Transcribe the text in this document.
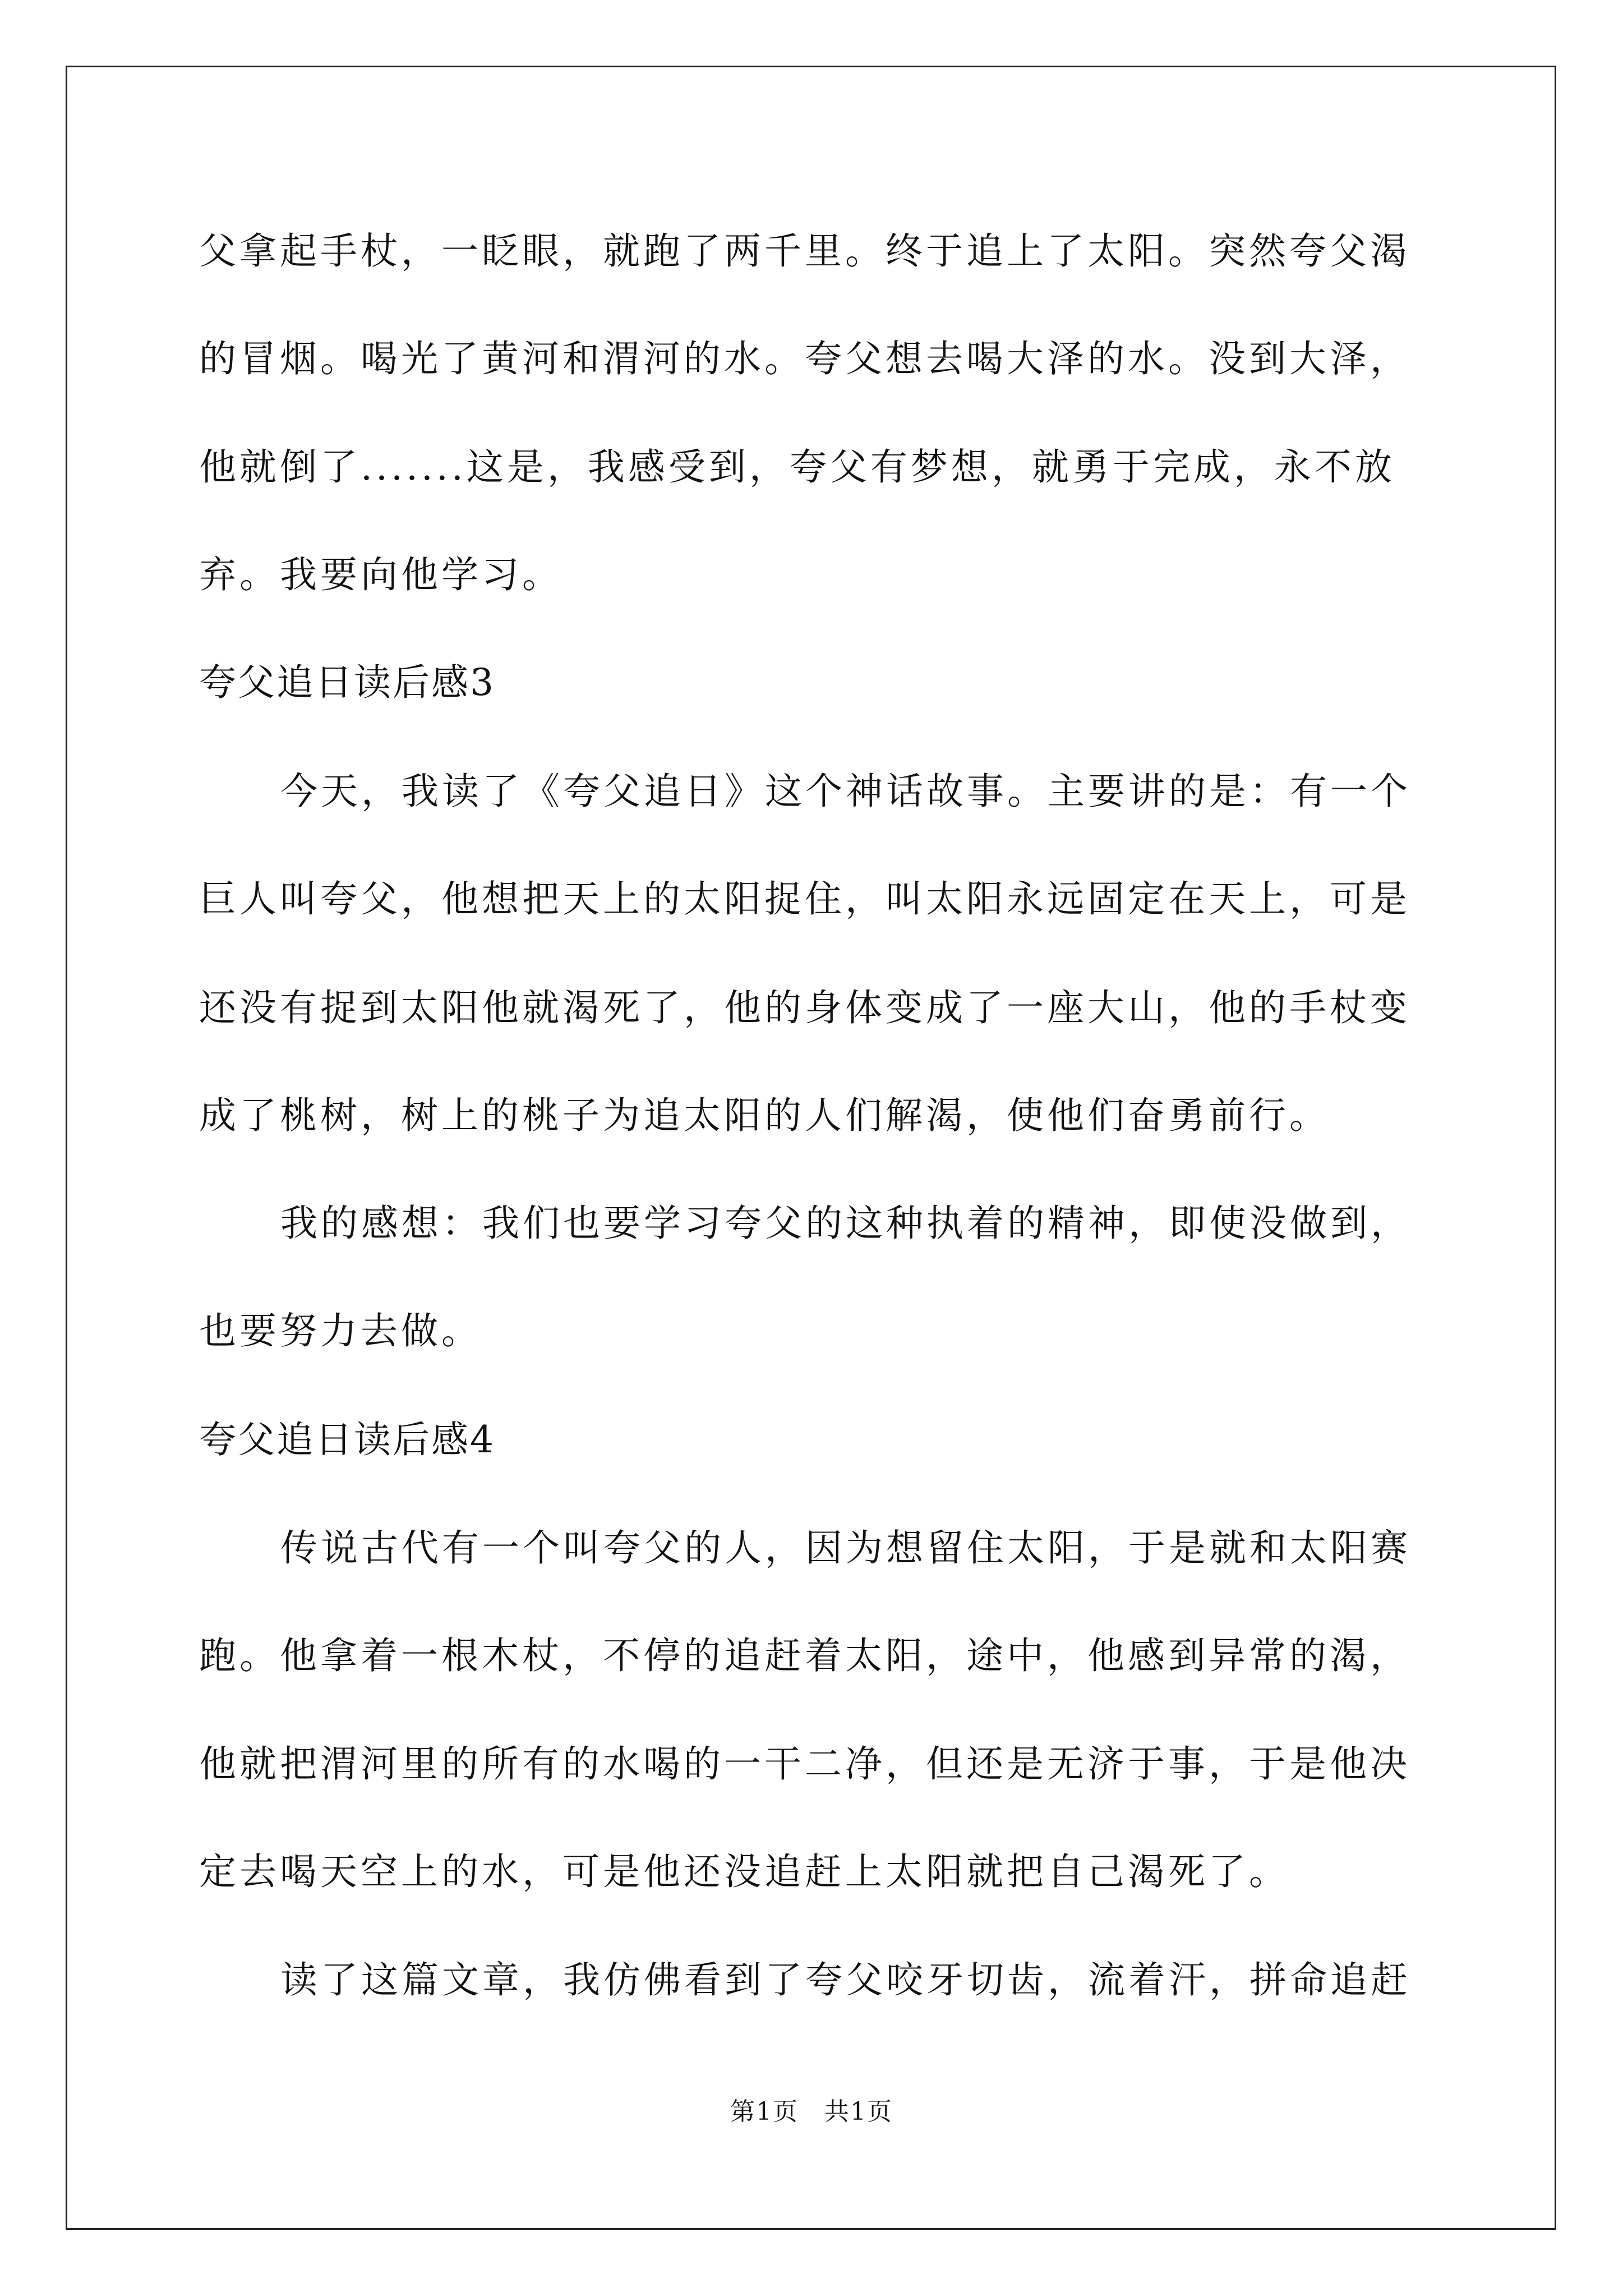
父拿起手杖，一眨眼，就跑了两千里。终于追上了太阳。突然夸父渴
的冒烟。喝光了黄河和渭河的水。夸父想去喝大泽的水。没到大泽，
他就倒了.......这是，我感受到，夸父有梦想，就勇于完成，永不放
弃。我要向他学习。
夸父追日读后感3
今天，我读了《夸父追日》这个神话故事。主要讲的是：有一个
巨人叫夸父，他想把天上的太阳捉住，叫太阳永远固定在天上，可是
还没有捉到太阳他就渴死了，他的身体变成了一座大山，他的手杖变
成了桃树，树上的桃子为追太阳的人们解渴，使他们奋勇前行。
我的感想：我们也要学习夸父的这种执着的精神，即使没做到，
也要努力去做。
夸父追日读后感4
传说古代有一个叫夸父的人，因为想留住太阳，于是就和太阳赛
跑。他拿着一根木杖，不停的追赶着太阳，途中，他感到异常的渴，
他就把渭河里的所有的水喝的一干二净，但还是无济于事，于是他决
定去喝天空上的水，可是他还没追赶上太阳就把自己渴死了。
读了这篇文章，我仿佛看到了夸父咬牙切齿，流着汗，拼命追赶
第1页　共1页
